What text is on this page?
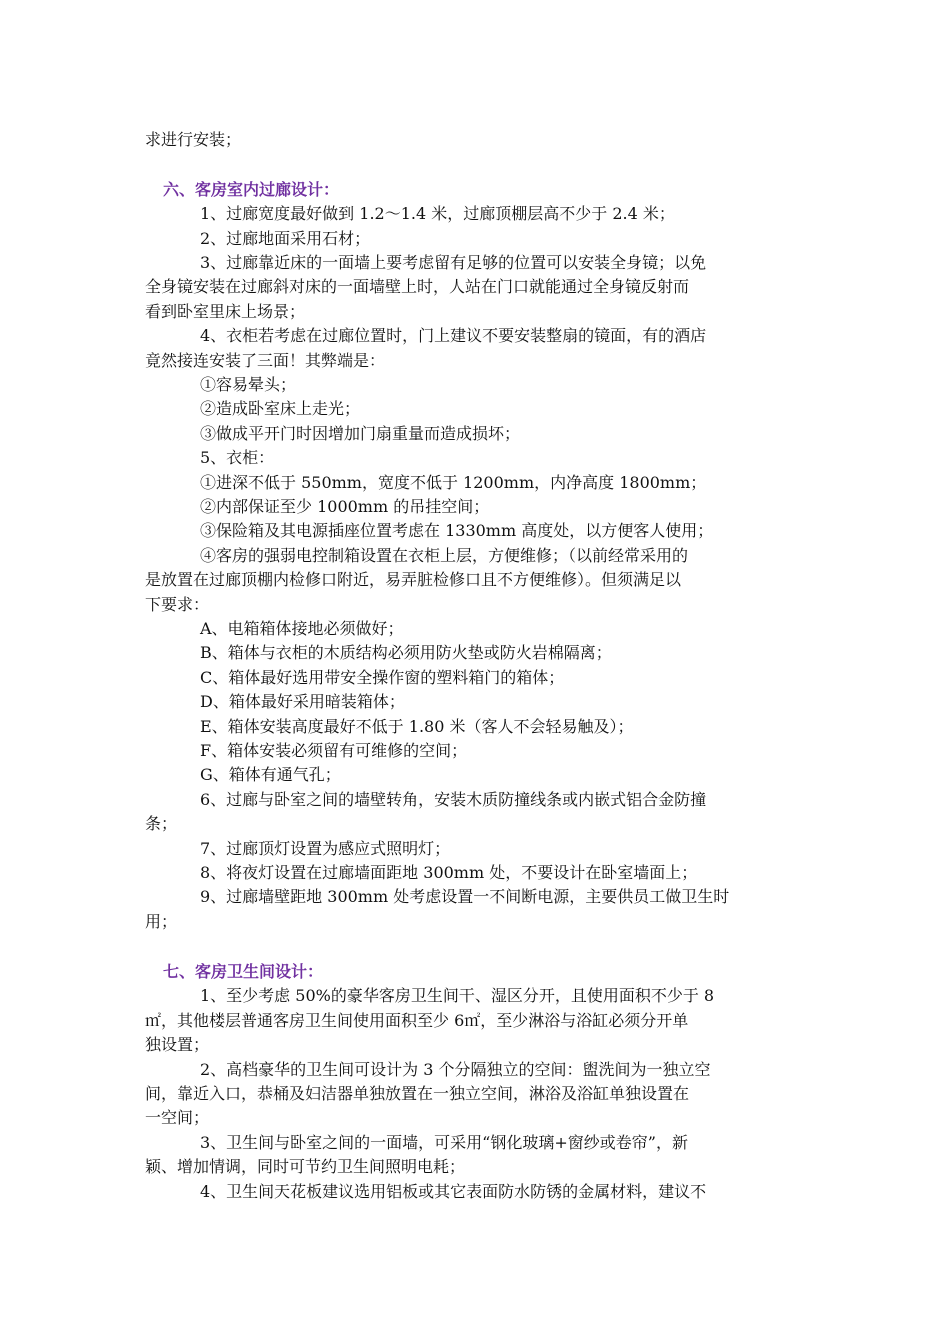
求进行安装；
六、客房室内过廊设计：
1、过廊宽度最好做到 1.2～1.4 米，过廊顶棚层高不少于 2.4 米；
2、过廊地面采用石材；
3、过廊靠近床的一面墙上要考虑留有足够的位置可以安装全身镜；以免
全身镜安装在过廊斜对床的一面墙壁上时，人站在门口就能通过全身镜反射而
看到卧室里床上场景；
4、衣柜若考虑在过廊位置时，门上建议不要安装整扇的镜面，有的酒店
竟然接连安装了三面！其弊端是：
①容易晕头；
②造成卧室床上走光；
③做成平开门时因增加门扇重量而造成损坏；
5、衣柜：
①进深不低于 550mm，宽度不低于 1200mm，内净高度 1800mm；
②内部保证至少 1000mm 的吊挂空间；
③保险箱及其电源插座位置考虑在 1330mm 高度处，以方便客人使用；
④客房的强弱电控制箱设置在衣柜上层，方便维修；（以前经常采用的
是放置在过廊顶棚内检修口附近，易弄脏检修口且不方便维修）。但须满足以
下要求：
A、电箱箱体接地必须做好；
B、箱体与衣柜的木质结构必须用防火垫或防火岩棉隔离；
C、箱体最好选用带安全操作窗的塑料箱门的箱体；
D、箱体最好采用暗装箱体；
E、箱体安装高度最好不低于 1.80 米（客人不会轻易触及）；
F、箱体安装必须留有可维修的空间；
G、箱体有通气孔；
6、过廊与卧室之间的墙壁转角，安装木质防撞线条或内嵌式铝合金防撞
条；
7、过廊顶灯设置为感应式照明灯；
8、将夜灯设置在过廊墙面距地 300mm 处，不要设计在卧室墙面上；
9、过廊墙壁距地 300mm 处考虑设置一不间断电源，主要供员工做卫生时
用；
七、客房卫生间设计：
1、至少考虑 50%的豪华客房卫生间干、湿区分开，且使用面积不少于 8
㎡，其他楼层普通客房卫生间使用面积至少 6㎡，至少淋浴与浴缸必须分开单
独设置；
2、高档豪华的卫生间可设计为 3 个分隔独立的空间：盥洗间为一独立空
间，靠近入口，恭桶及妇洁器单独放置在一独立空间，淋浴及浴缸单独设置在
一空间；
3、卫生间与卧室之间的一面墙，可采用“钢化玻璃+窗纱或卷帘”，新
颖、增加情调，同时可节约卫生间照明电耗；
4、卫生间天花板建议选用铝板或其它表面防水防锈的金属材料，建议不
